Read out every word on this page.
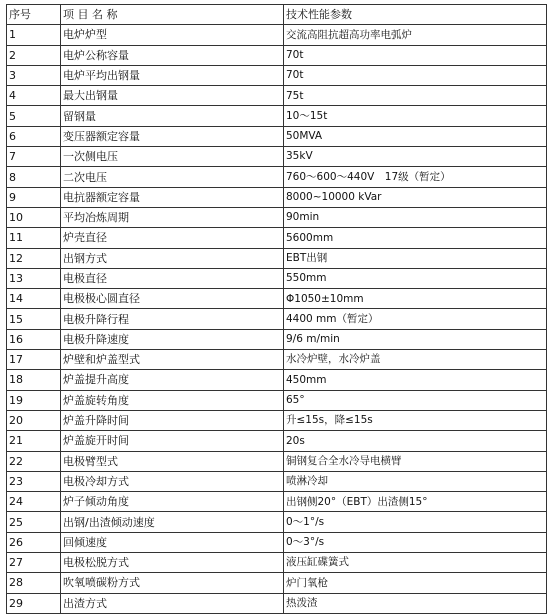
序号	项 目 名 称	技术性能参数
1	电炉炉型	交流高阻抗超高功率电弧炉
2	电炉公称容量	70t
3	电炉平均出钢量	70t
4	最大出钢量	75t
5	留钢量	10～15t
6	变压器额定容量	50MVA
7	一次侧电压	35kV
8	二次电压	760～600～440V　17级（暂定）
9	电抗器额定容量	8000~10000 kVar
10	平均冶炼周期	90min
11	炉壳直径	5600mm
12	出钢方式	EBT出钢
13	电极直径	550mm
14	电极极心圆直径	Φ1050±10mm
15	电极升降行程	4400 mm（暂定）
16	电极升降速度	9/6 m/min
17	炉壁和炉盖型式	水冷炉壁，水冷炉盖
18	炉盖提升高度	450mm
19	炉盖旋转角度	65°
20	炉盖升降时间	升≤15s，降≤15s
21	炉盖旋开时间	20s
22	电极臂型式	铜钢复合全水冷导电横臂
23	电极冷却方式	喷淋冷却
24	炉子倾动角度	出钢侧20°（EBT）出渣侧15°
25	出钢/出渣倾动速度	0～1°/s
26	回倾速度	0～3°/s
27	电极松脱方式	液压缸碟簧式
28	吹氧喷碳粉方式	炉门氧枪
29	出渣方式	热泼渣
